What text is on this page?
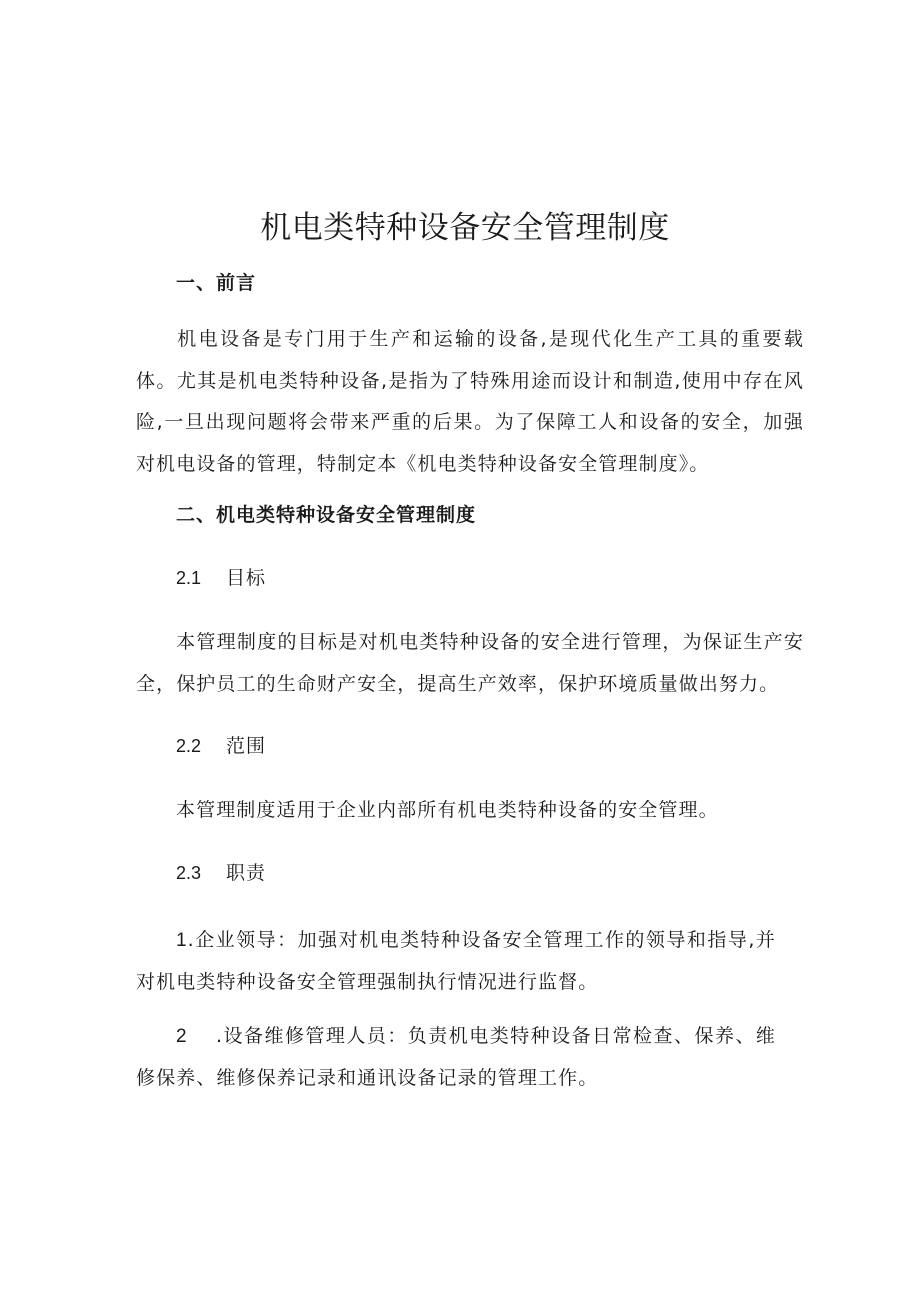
机电类特种设备安全管理制度
一、前言

机电设备是专门用于生产和运输的设备,是现代化生产工具的重要载体。尤其是机电类特种设备,是指为了特殊用途而设计和制造,使用中存在风险,一旦出现问题将会带来严重的后果。为了保障工人和设备的安全，加强对机电设备的管理，特制定本《机电类特种设备安全管理制度》。

二、机电类特种设备安全管理制度
2.1 目标

本管理制度的目标是对机电类特种设备的安全进行管理，为保证生产安全，保护员工的生命财产安全，提高生产效率，保护环境质量做出努力。

2.2 范围

本管理制度适用于企业内部所有机电类特种设备的安全管理。

2.3 职责

1.企业领导：加强对机电类特种设备安全管理工作的领导和指导,并对机电类特种设备安全管理强制执行情况进行监督。

2 .设备维修管理人员：负责机电类特种设备日常检查、保养、维修保养、维修保养记录和通讯设备记录的管理工作。
